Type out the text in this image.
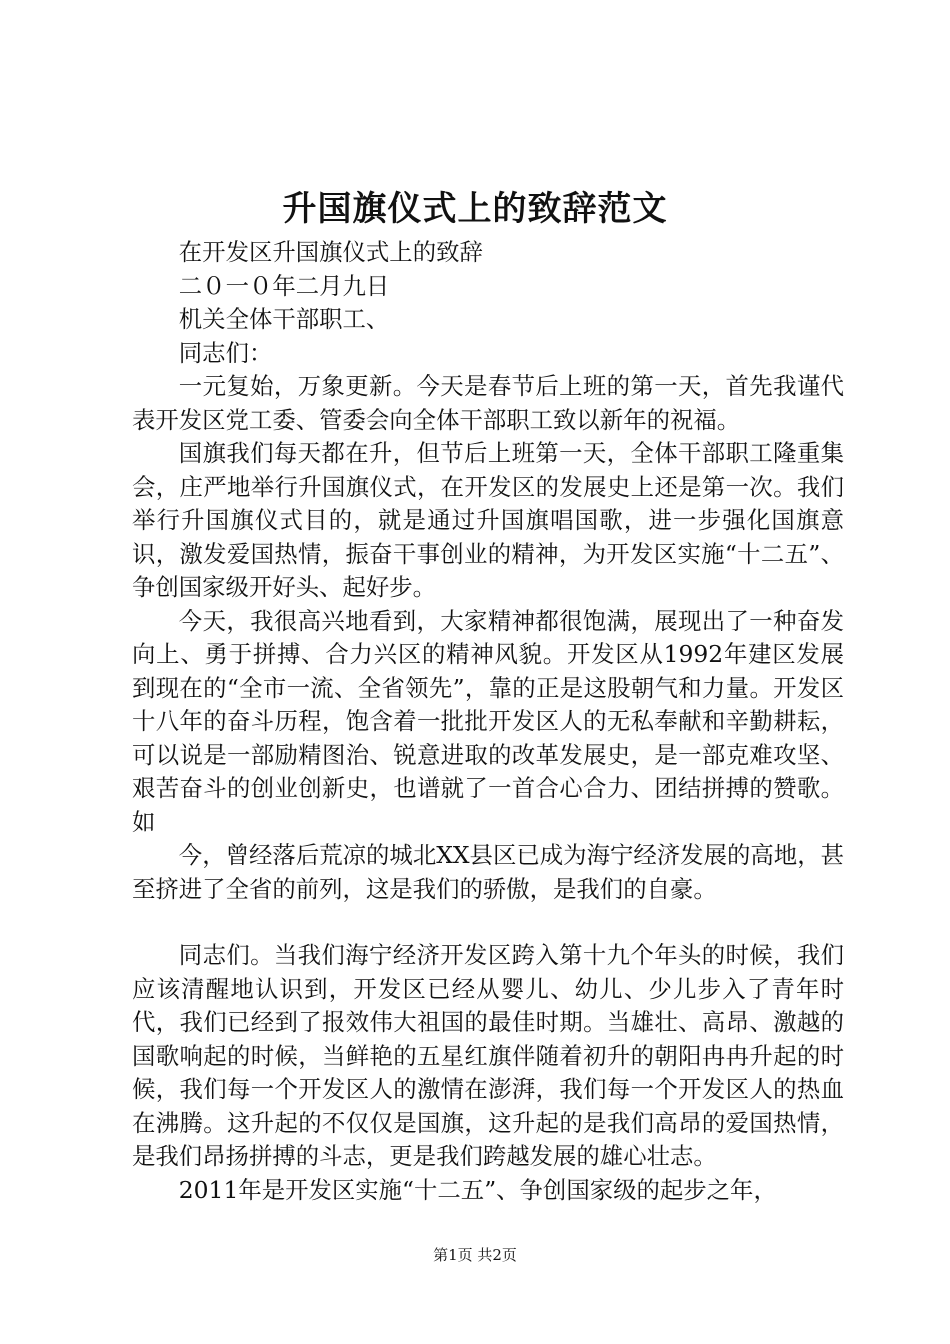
升国旗仪式上的致辞范文

在开发区升国旗仪式上的致辞

二０一０年二月九日

机关全体干部职工、

同志们：

一元复始，万象更新。今天是春节后上班的第一天，首先我谨代表开发区党工委、管委会向全体干部职工致以新年的祝福。

国旗我们每天都在升，但节后上班第一天，全体干部职工隆重集会，庄严地举行升国旗仪式，在开发区的发展史上还是第一次。我们举行升国旗仪式目的，就是通过升国旗唱国歌，进一步强化国旗意识，激发爱国热情，振奋干事创业的精神，为开发区实施“十二五”、争创国家级开好头、起好步。

今天，我很高兴地看到，大家精神都很饱满，展现出了一种奋发向上、勇于拼搏、合力兴区的精神风貌。开发区从1992年建区发展到现在的“全市一流、全省领先”，靠的正是这股朝气和力量。开发区十八年的奋斗历程，饱含着一批批开发区人的无私奉献和辛勤耕耘，可以说是一部励精图治、锐意进取的改革发展史，是一部克难攻坚、艰苦奋斗的创业创新史，也谱就了一首合心合力、团结拼搏的赞歌。如

今，曾经落后荒凉的城北XX县区已成为海宁经济发展的高地，甚至挤进了全省的前列，这是我们的骄傲，是我们的自豪。

同志们。当我们海宁经济开发区跨入第十九个年头的时候，我们应该清醒地认识到，开发区已经从婴儿、幼儿、少儿步入了青年时代，我们已经到了报效伟大祖国的最佳时期。当雄壮、高昂、激越的国歌响起的时候，当鲜艳的五星红旗伴随着初升的朝阳冉冉升起的时候，我们每一个开发区人的激情在澎湃，我们每一个开发区人的热血在沸腾。这升起的不仅仅是国旗，这升起的是我们高昂的爱国热情，是我们昂扬拼搏的斗志，更是我们跨越发展的雄心壮志。

2011年是开发区实施“十二五”、争创国家级的起步之年，

第1页 共2页
